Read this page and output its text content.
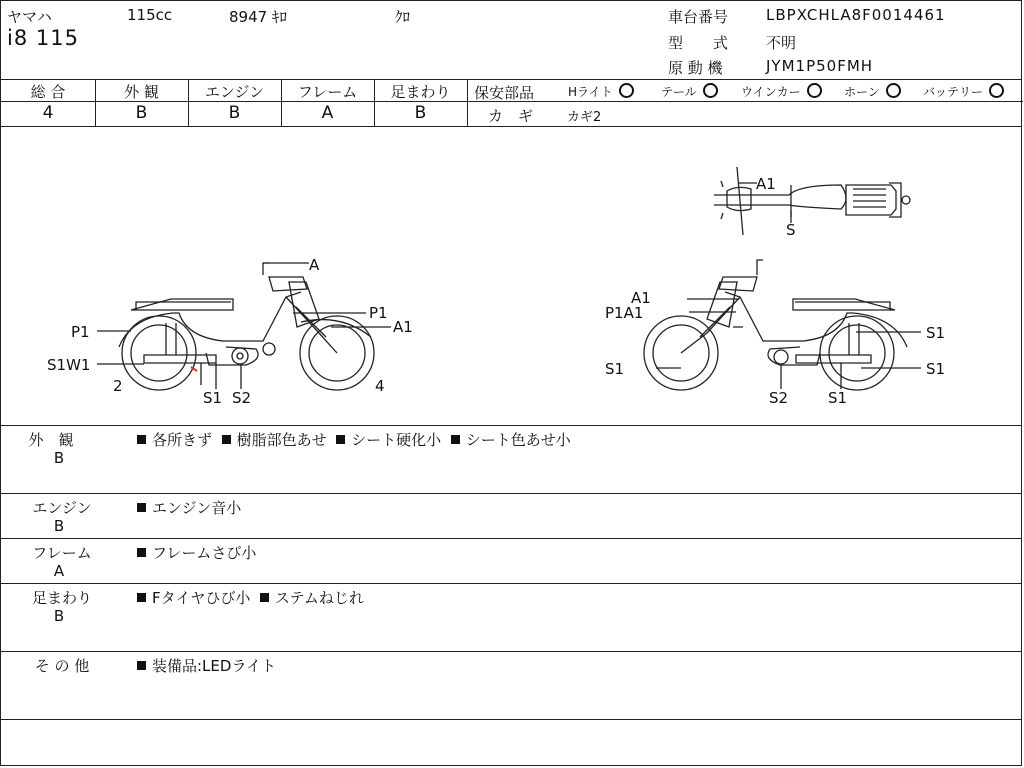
ヤマハ	115cc	8947 ｷﾛ	ｸﾛ
i8 115
車台番号	LBPXCHLA8F0014461
型　　式	不明
原 動 機	JYM1P50FMH
総 合
4
外 観
B
エンジン
B
フレーム
A
足まわり
B
保安部品	Hライト	テール	ウインカー	ホーン	バッテリー
カ　ギ	カギ2
A
P1
A1
P1
S1W1
2	4
S1 S2
A1
P1A1
S1
S1	S1
S2	S1
A1
S
外　観
B
各所きず 樹脂部色あせ シート硬化小 シート色あせ小
エンジン
B
エンジン音小
フレーム
A
フレームさび小
足まわり
B
Fタイヤひび小 ステムねじれ
そ の 他	装備品:LEDライト
